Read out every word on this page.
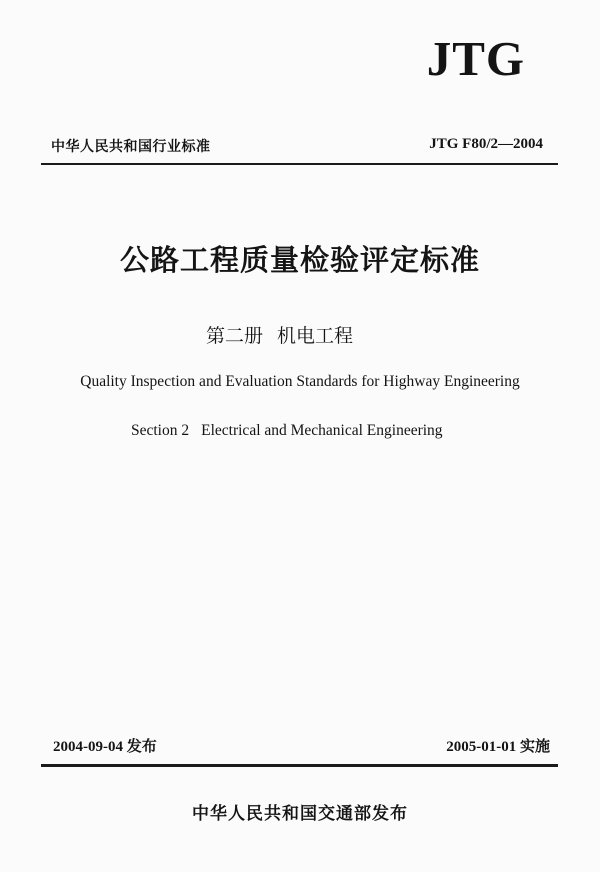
JTG
中华人民共和国行业标准	JTG F80/2—2004
公路工程质量检验评定标准
第二册 机电工程
Quality Inspection and Evaluation Standards for Highway Engineering
Section 2 Electrical and Mechanical Engineering
2004-09-04 发布	2005-01-01 实施
中华人民共和国交通部发布
